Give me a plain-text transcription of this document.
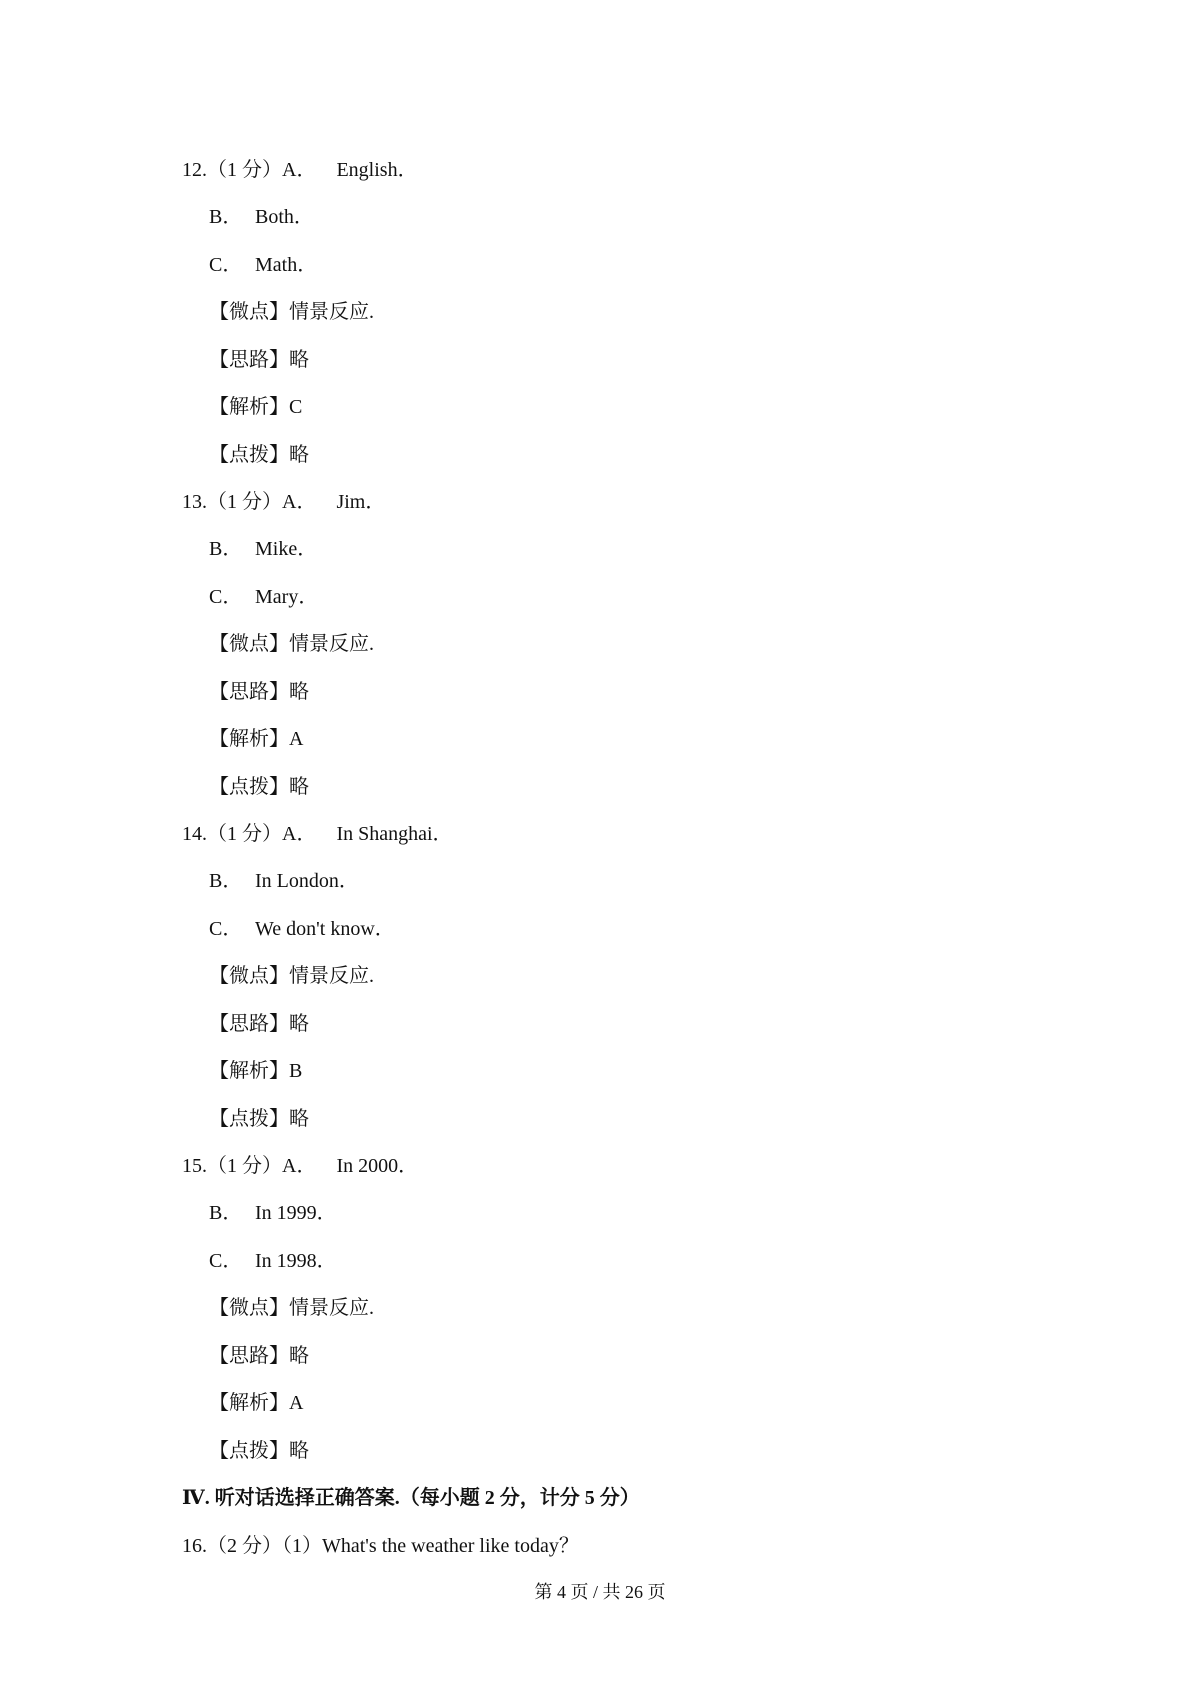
12.（1 分）A． English．
B． Both．
C． Math．
【微点】情景反应.
【思路】略
【解析】C
【点拨】略
13.（1 分）A． Jim．
B． Mike．
C． Mary．
【微点】情景反应.
【思路】略
【解析】A
【点拨】略
14.（1 分）A． In Shanghai．
B． In London．
C． We don't know．
【微点】情景反应.
【思路】略
【解析】B
【点拨】略
15.（1 分）A． In 2000．
B． In 1999．
C． In 1998．
【微点】情景反应.
【思路】略
【解析】A
【点拨】略
Ⅳ. 听对话选择正确答案.（每小题 2 分，计分 5 分）
16.（2 分）（1）What's the weather like today？
第 4 页 / 共 26 页
